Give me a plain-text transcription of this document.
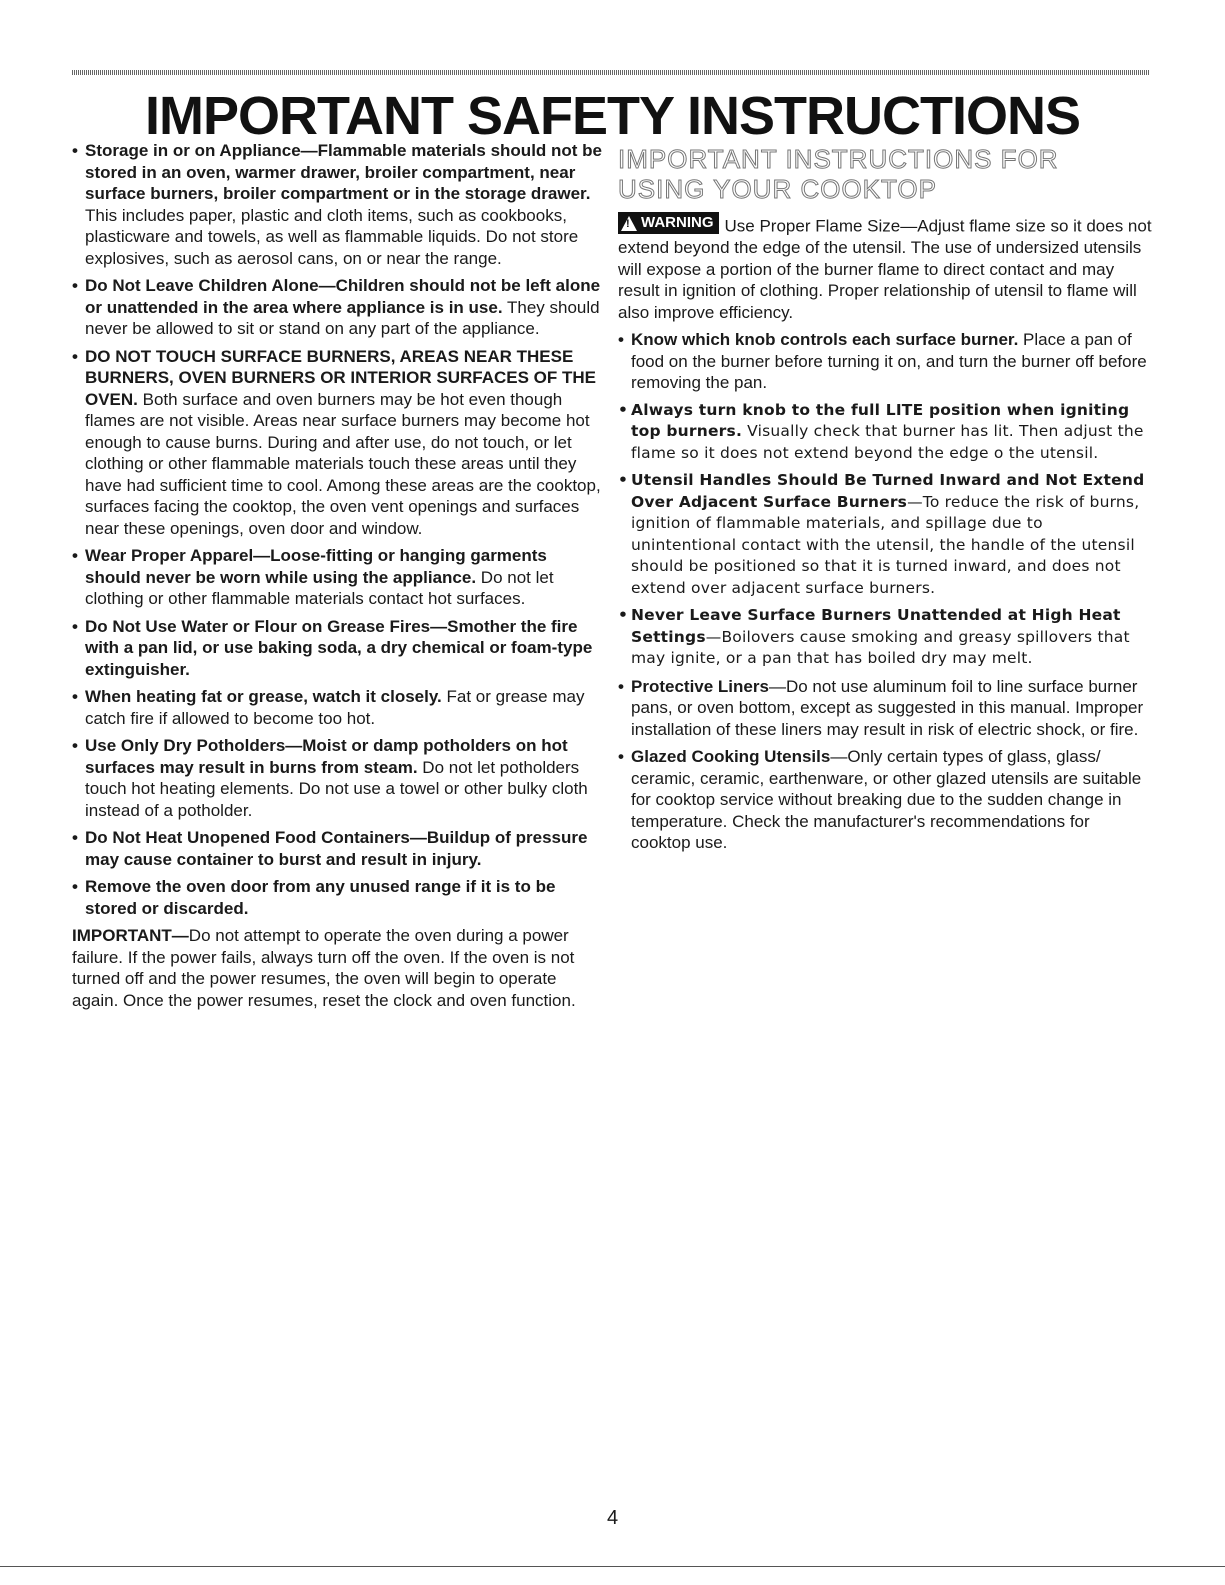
IMPORTANT SAFETY INSTRUCTIONS

• Storage in or on Appliance—Flammable materials should not be stored in an oven, warmer drawer, broiler compartment, near surface burners, broiler compartment or in the storage drawer. This includes paper, plastic and cloth items, such as cookbooks, plasticware and towels, as well as flammable liquids. Do not store explosives, such as aerosol cans, on or near the range.

• Do Not Leave Children Alone—Children should not be left alone or unattended in the area where appliance is in use. They should never be allowed to sit or stand on any part of the appliance.

• DO NOT TOUCH SURFACE BURNERS, AREAS NEAR THESE BURNERS, OVEN BURNERS OR INTERIOR SURFACES OF THE OVEN. Both surface and oven burners may be hot even though flames are not visible. Areas near surface burners may become hot enough to cause burns. During and after use, do not touch, or let clothing or other flammable materials touch these areas until they have had sufficient time to cool. Among these areas are the cooktop, surfaces facing the cooktop, the oven vent openings and surfaces near these openings, oven door and window.

• Wear Proper Apparel—Loose-fitting or hanging garments should never be worn while using the appliance. Do not let clothing or other flammable materials contact hot surfaces.

• Do Not Use Water or Flour on Grease Fires—Smother the fire with a pan lid, or use baking soda, a dry chemical or foam-type extinguisher.

• When heating fat or grease, watch it closely. Fat or grease may catch fire if allowed to become too hot.

• Use Only Dry Potholders—Moist or damp potholders on hot surfaces may result in burns from steam. Do not let potholders touch hot heating elements. Do not use a towel or other bulky cloth instead of a potholder.

• Do Not Heat Unopened Food Containers—Buildup of pressure may cause container to burst and result in injury.

• Remove the oven door from any unused range if it is to be stored or discarded.

IMPORTANT—Do not attempt to operate the oven during a power failure. If the power fails, always turn off the oven. If the oven is not turned off and the power resumes, the oven will begin to operate again. Once the power resumes, reset the clock and oven function.

IMPORTANT INSTRUCTIONS FOR USING YOUR COOKTOP

!
WARNING Use Proper Flame Size—Adjust flame size so it does not extend beyond the edge of the utensil. The use of undersized utensils will expose a portion of the burner flame to direct contact and may result in ignition of clothing. Proper relationship of utensil to flame will also improve efficiency.

• Know which knob controls each surface burner. Place a pan of food on the burner before turning it on, and turn the burner off before removing the pan.

• Always turn knob to the full LITE position when igniting top burners. Visually check that burner has lit. Then adjust the flame so it does not extend beyond the edge o the utensil.

• Utensil Handles Should Be Turned Inward and Not Extend Over Adjacent Surface Burners—To reduce the risk of burns, ignition of flammable materials, and spillage due to unintentional contact with the utensil, the handle of the utensil should be positioned so that it is turned inward, and does not extend over adjacent surface burners.

• Never Leave Surface Burners Unattended at High Heat Settings—Boilovers cause smoking and greasy spillovers that may ignite, or a pan that has boiled dry may melt.

• Protective Liners—Do not use aluminum foil to line surface burner pans, or oven bottom, except as suggested in this manual. Improper installation of these liners may result in risk of electric shock, or fire.

• Glazed Cooking Utensils—Only certain types of glass, glass/ ceramic, ceramic, earthenware, or other glazed utensils are suitable for cooktop service without breaking due to the sudden change in temperature. Check the manufacturer's recommendations for cooktop use.

4
